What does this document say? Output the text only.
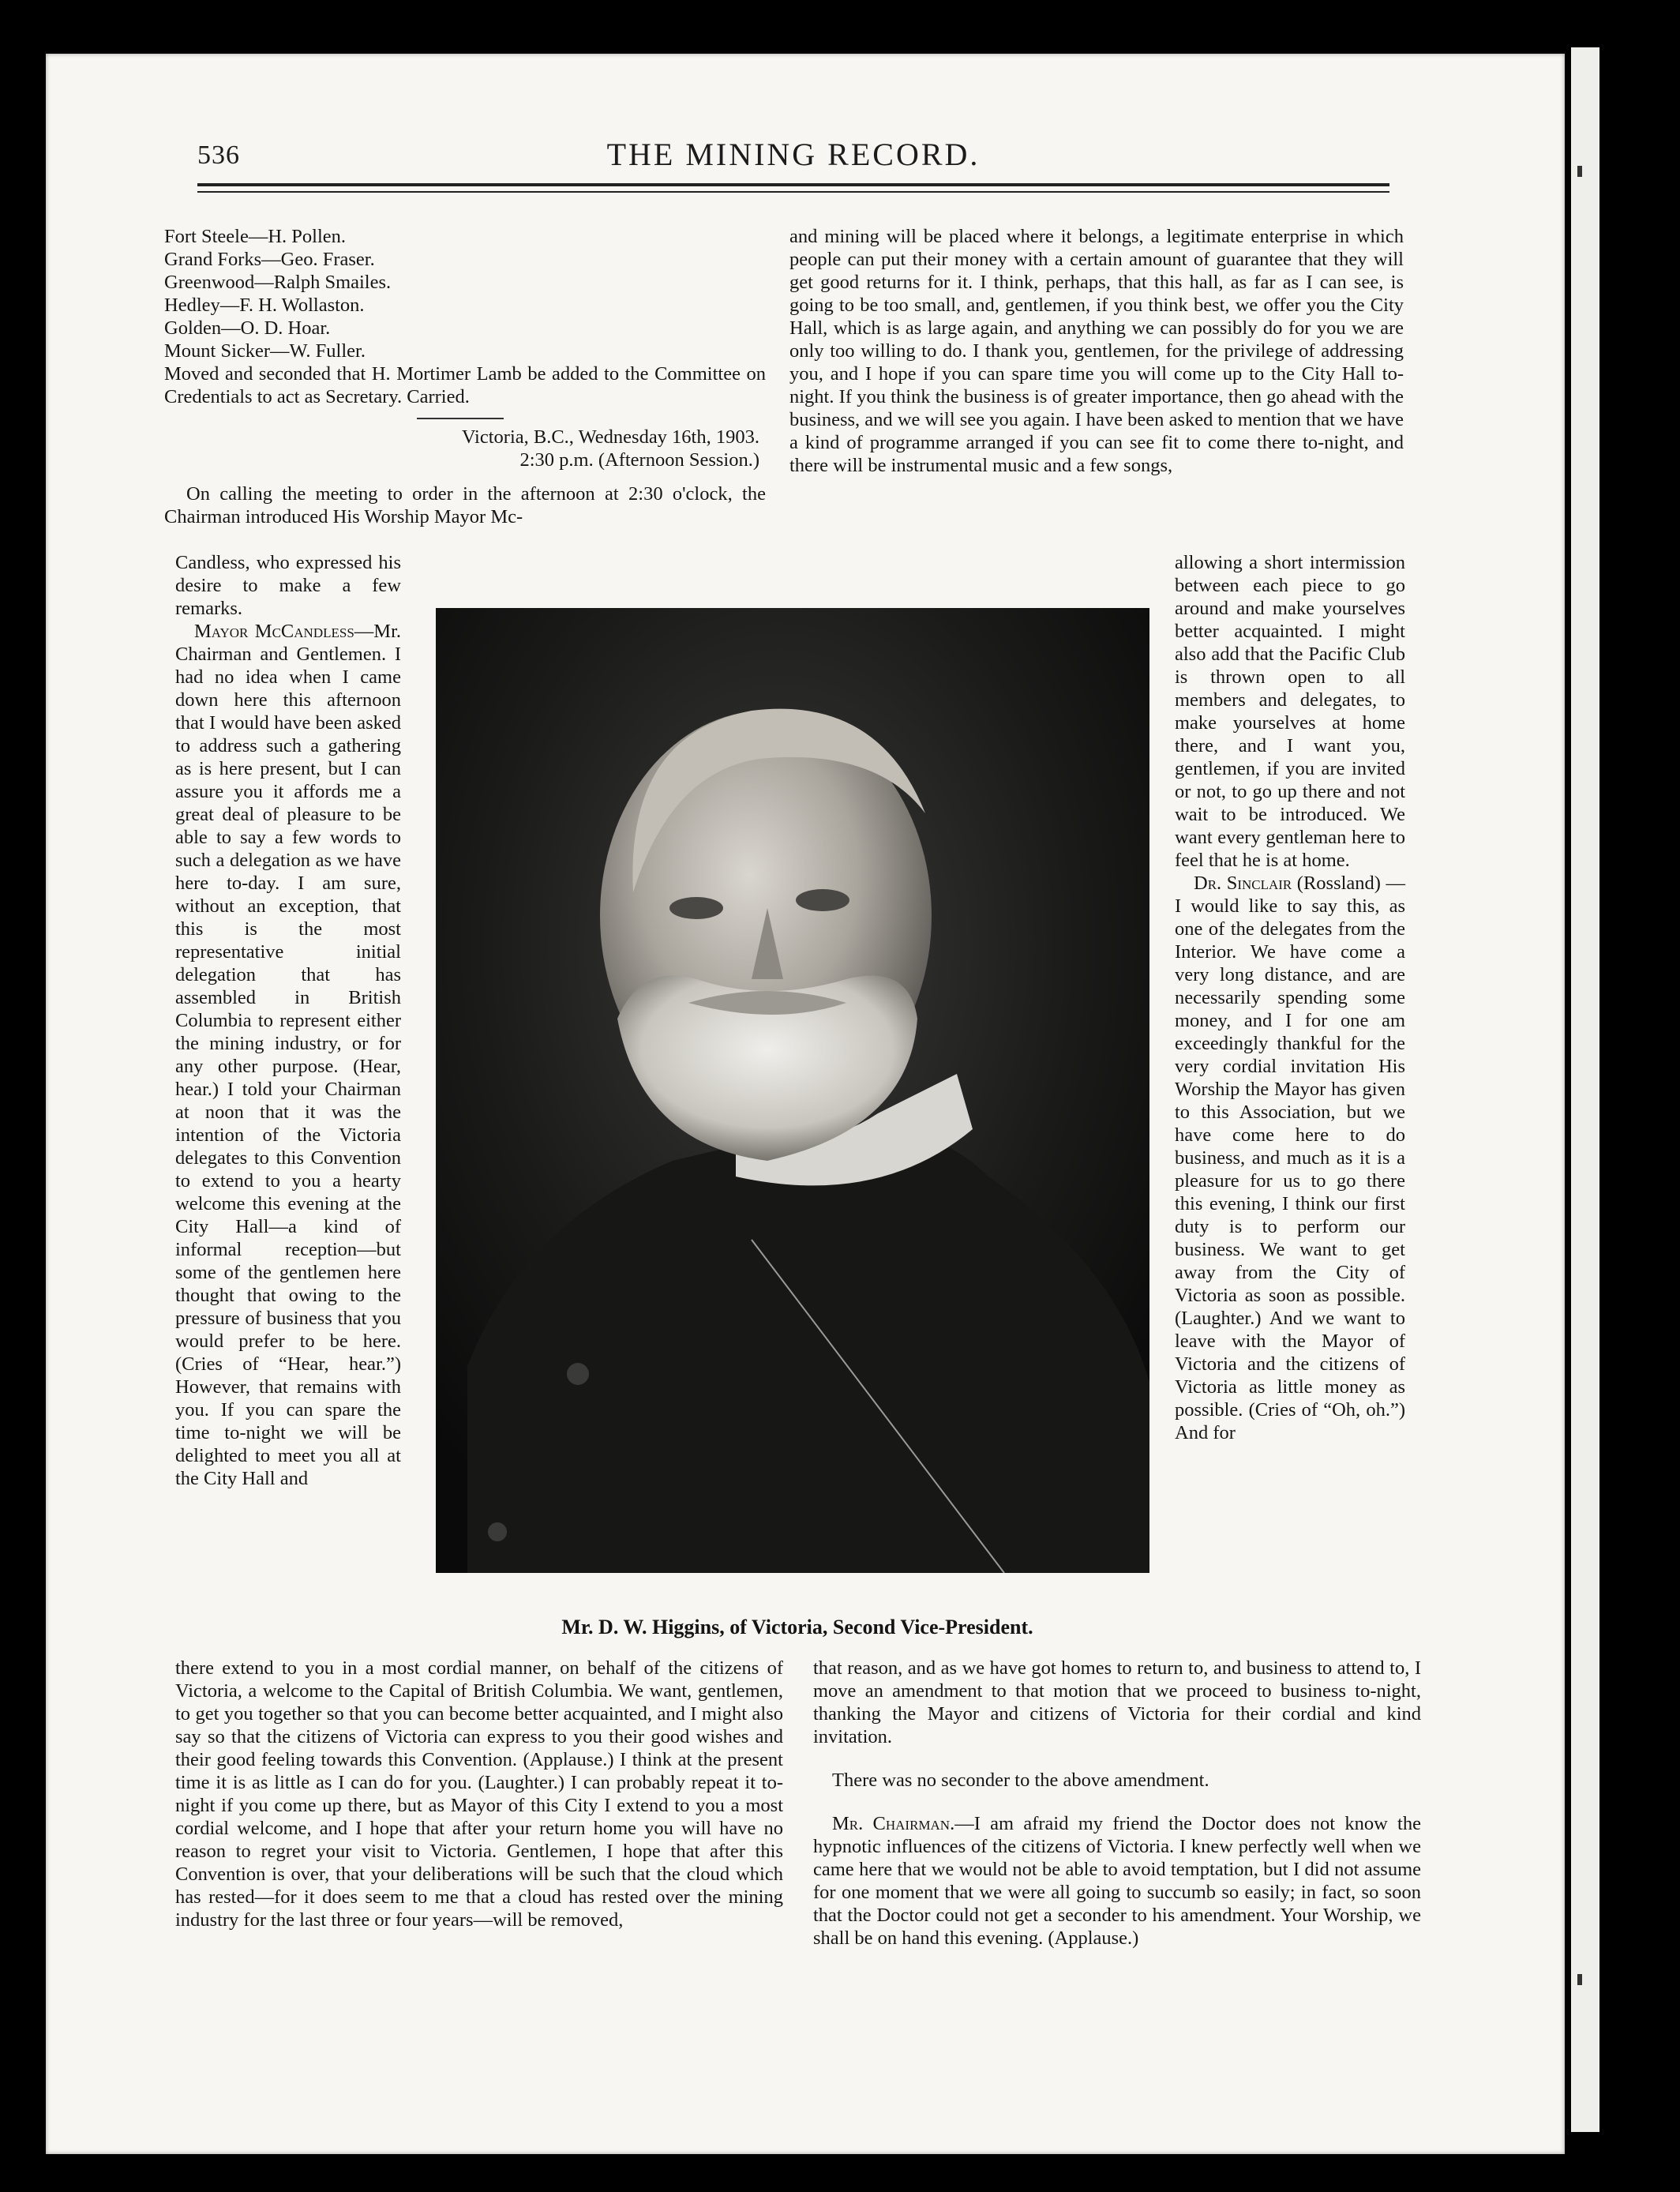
536	THE MINING RECORD.
Fort Steele—H. Pollen.
Grand Forks—Geo. Fraser.
Greenwood—Ralph Smailes.
Hedley—F. H. Wollaston.
Golden—O. D. Hoar.
Mount Sicker—W. Fuller.

Moved and seconded that H. Mortimer Lamb be added to the Committee on Credentials to act as Secretary. Carried.

Victoria, B.C., Wednesday 16th, 1903.
2:30 p.m. (Afternoon Session.)

On calling the meeting to order in the afternoon at 2:30 o'clock, the Chairman introduced His Worship Mayor Mc-

Candless, who expressed his desire to make a few remarks.

Mayor McCandless—Mr. Chairman and Gentlemen. I had no idea when I came down here this afternoon that I would have been asked to address such a gathering as is here present, but I can assure you it affords me a great deal of pleasure to be able to say a few words to such a delegation as we have here to-day. I am sure, without an exception, that this is the most representative initial delegation that has assembled in British Columbia to represent either the mining industry, or for any other purpose. (Hear, hear.) I told your Chairman at noon that it was the intention of the Victoria delegates to this Convention to extend to you a hearty welcome this evening at the City Hall—a kind of informal reception—but some of the gentlemen here thought that owing to the pressure of business that you would prefer to be here. (Cries of “Hear, hear.”) However, that remains with you. If you can spare the time to-night we will be delighted to meet you all at the City Hall and

there extend to you in a most cordial manner, on behalf of the citizens of Victoria, a welcome to the Capital of British Columbia. We want, gentlemen, to get you together so that you can become better acquainted, and I might also say so that the citizens of Victoria can express to you their good wishes and their good feeling towards this Convention. (Applause.) I think at the present time it is as little as I can do for you. (Laughter.) I can probably repeat it to-night if you come up there, but as Mayor of this City I extend to you a most cordial welcome, and I hope that after your return home you will have no reason to regret your visit to Victoria. Gentlemen, I hope that after this Convention is over, that your deliberations will be such that the cloud which has rested—for it does seem to me that a cloud has rested over the mining industry for the last three or four years—will be removed,

and mining will be placed where it belongs, a legitimate enterprise in which people can put their money with a certain amount of guarantee that they will get good returns for it. I think, perhaps, that this hall, as far as I can see, is going to be too small, and, gentlemen, if you think best, we offer you the City Hall, which is as large again, and anything we can possibly do for you we are only too willing to do. I thank you, gentlemen, for the privilege of addressing you, and I hope if you can spare time you will come up to the City Hall to-night. If you think the business is of greater importance, then go ahead with the business, and we will see you again. I have been asked to mention that we have a kind of programme arranged if you can see fit to come there to-night, and there will be instrumental music and a few songs,

allowing a short intermission between each piece to go around and make yourselves better acquainted. I might also add that the Pacific Club is thrown open to all members and delegates, to make yourselves at home there, and I want you, gentlemen, if you are invited or not, to go up there and not wait to be introduced. We want every gentleman here to feel that he is at home.

Dr. Sinclair (Rossland) — I would like to say this, as one of the delegates from the Interior. We have come a very long distance, and are necessarily spending some money, and I for one am exceedingly thankful for the very cordial invitation His Worship the Mayor has given to this Association, but we have come here to do business, and much as it is a pleasure for us to go there this evening, I think our first duty is to perform our business. We want to get away from the City of Victoria as soon as possible. (Laughter.) And we want to leave with the Mayor of Victoria and the citizens of Victoria as little money as possible. (Cries of “Oh, oh.”) And for

that reason, and as we have got homes to return to, and business to attend to, I move an amendment to that motion that we proceed to business to-night, thanking the Mayor and citizens of Victoria for their cordial and kind invitation.

There was no seconder to the above amendment.

Mr. Chairman.—I am afraid my friend the Doctor does not know the hypnotic influences of the citizens of Victoria. I knew perfectly well when we came here that we would not be able to avoid temptation, but I did not assume for one moment that we were all going to succumb so easily; in fact, so soon that the Doctor could not get a seconder to his amendment. Your Worship, we shall be on hand this evening. (Applause.)

Mr. D. W. Higgins, of Victoria, Second Vice-President.
